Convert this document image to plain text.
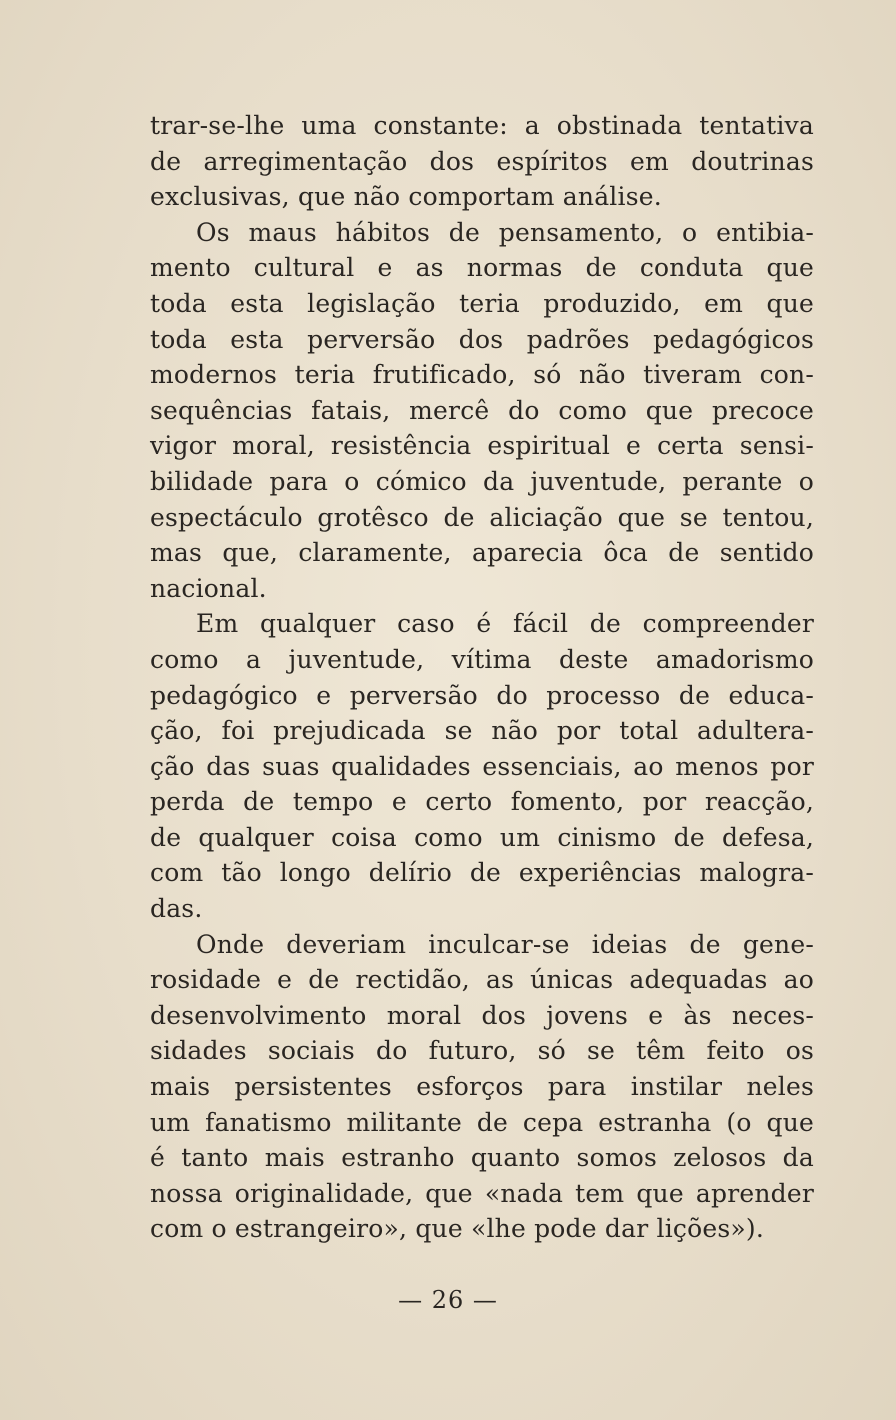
trar-se-lhe uma constante: a obstinada tentativa
de arregimentação dos espíritos em doutrinas
exclusivas, que não comportam análise.
Os maus hábitos de pensamento, o entibia-
mento cultural e as normas de conduta que
toda esta legislação teria produzido, em que
toda esta perversão dos padrões pedagógicos
modernos teria frutificado, só não tiveram con-
sequências fatais, mercê do como que precoce
vigor moral, resistência espiritual e certa sensi-
bilidade para o cómico da juventude, perante o
espectáculo grotêsco de aliciação que se tentou,
mas que, claramente, aparecia ôca de sentido
nacional.
Em qualquer caso é fácil de compreender
como a juventude, vítima deste amadorismo
pedagógico e perversão do processo de educa-
ção, foi prejudicada se não por total adultera-
ção das suas qualidades essenciais, ao menos por
perda de tempo e certo fomento, por reacção,
de qualquer coisa como um cinismo de defesa,
com tão longo delírio de experiências malogra-
das.
Onde deveriam inculcar-se ideias de gene-
rosidade e de rectidão, as únicas adequadas ao
desenvolvimento moral dos jovens e às neces-
sidades sociais do futuro, só se têm feito os
mais persistentes esforços para instilar neles
um fanatismo militante de cepa estranha (o que
é tanto mais estranho quanto somos zelosos da
nossa originalidade, que «nada tem que aprender
com o estrangeiro», que «lhe pode dar lições»).
— 26 —
